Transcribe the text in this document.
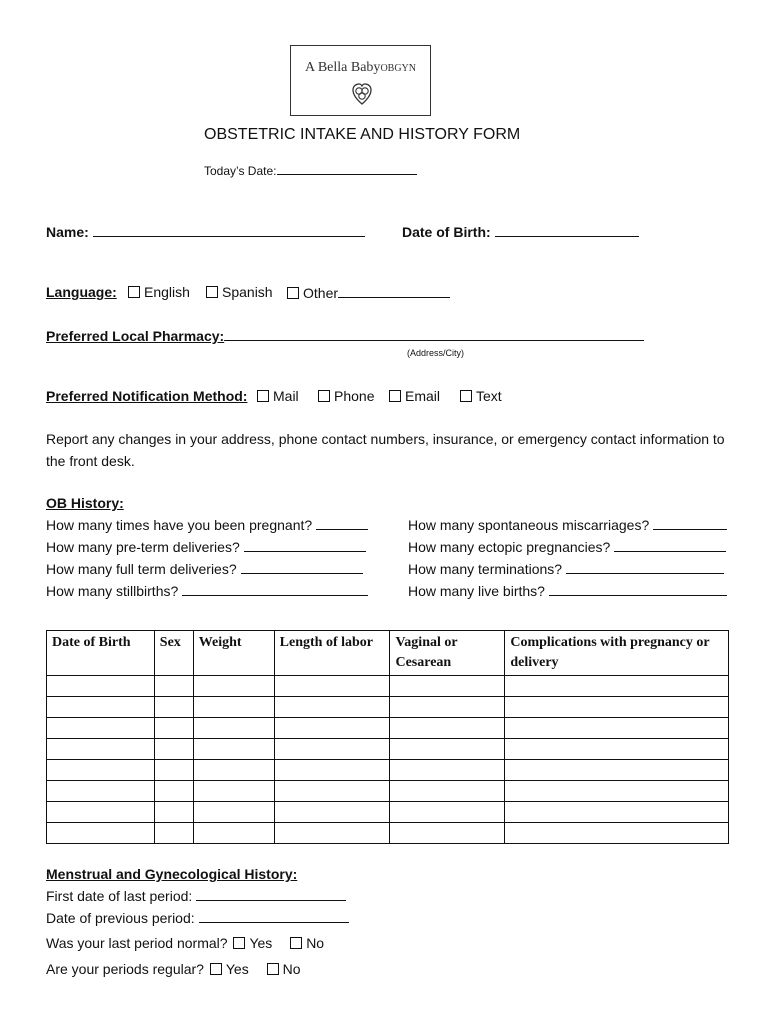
A Bella BabyOBGYN
OBSTETRIC INTAKE AND HISTORY FORM
Today’s Date:
Name:	Date of Birth:
Language:	English	Spanish	Other
Preferred Local Pharmacy:
(Address/City)
Preferred Notification Method:	Mail	Phone	Email	Text
Report any changes in your address, phone contact numbers, insurance, or emergency contact information to
the front desk.
OB History:
How many times have you been pregnant?
How many pre-term deliveries?
How many full term deliveries?
How many stillbirths?
How many spontaneous miscarriages?
How many ectopic pregnancies?
How many terminations?
How many live births?
Date of Birth	Sex	Weight	Length of labor	Vaginal or Cesarean	Complications with pregnancy or delivery

Menstrual and Gynecological History:
First date of last period:
Date of previous period:
Was your last period normal? Yes No
Are your periods regular? Yes No
